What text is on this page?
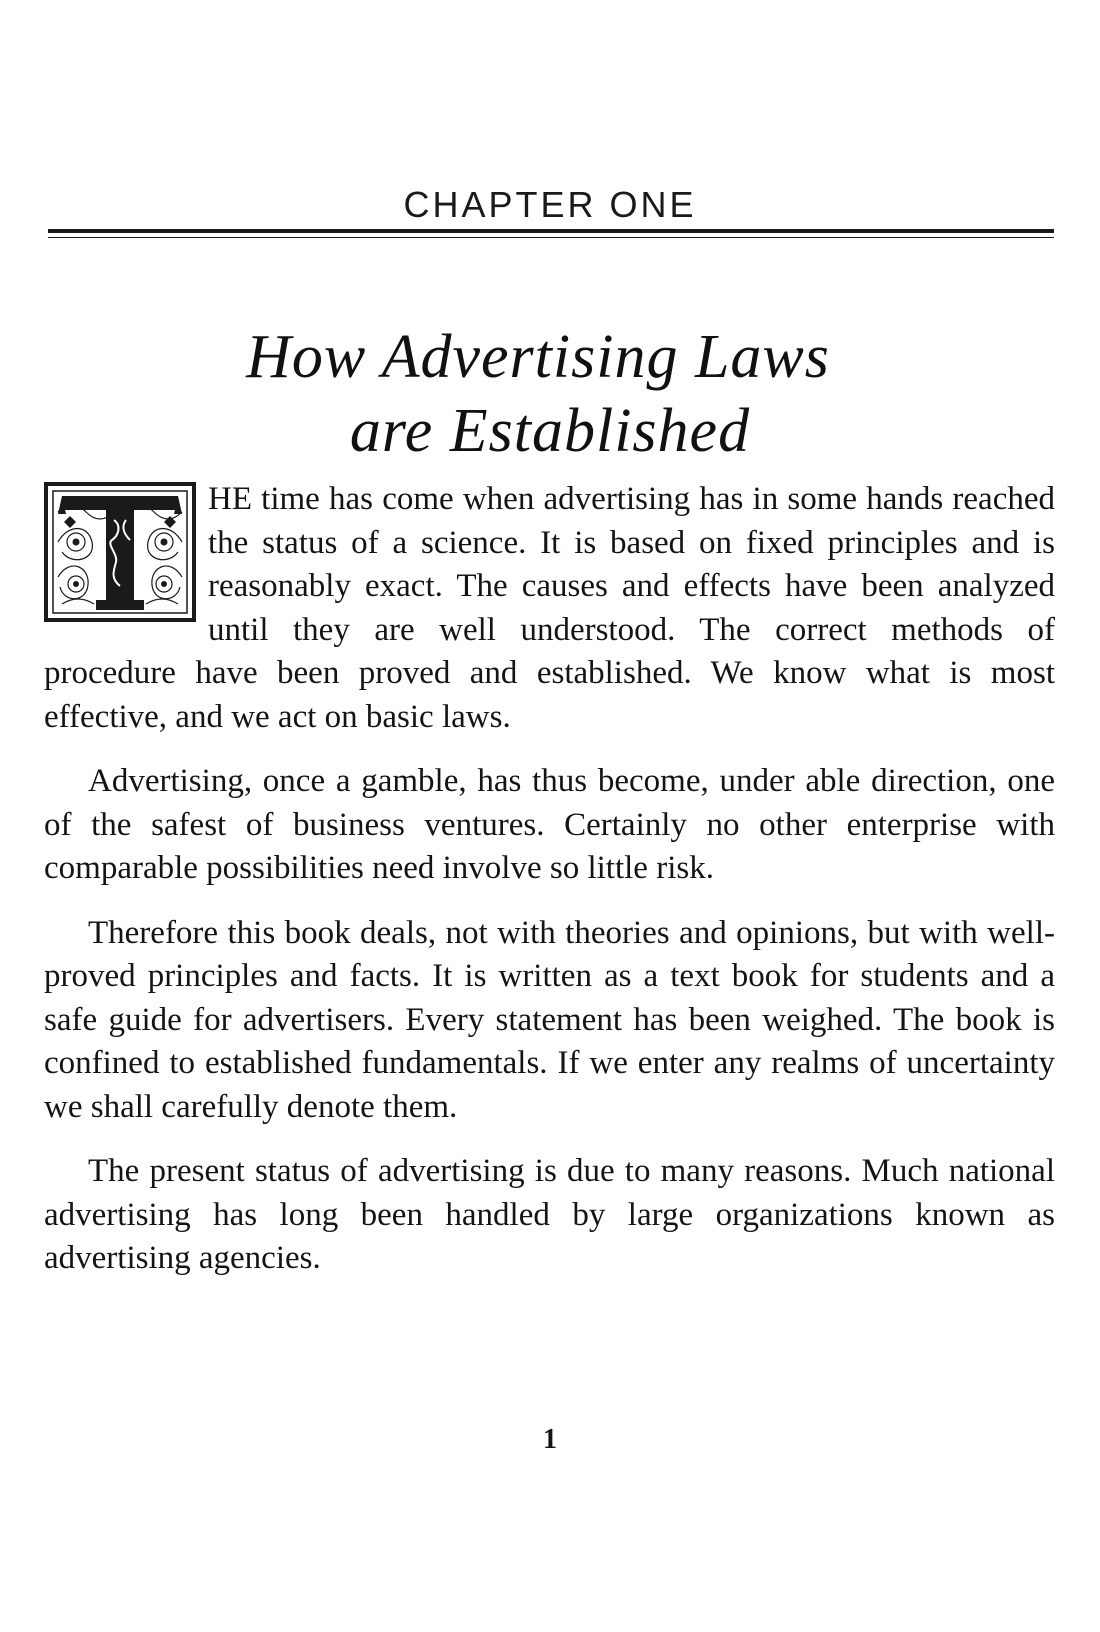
CHAPTER ONE
How Advertising Laws
are Established

HE time has come when advertising has in some hands reached the status of a science. It is based on fixed principles and is reasonably exact. The causes and effects have been analyzed until they are well understood. The correct methods of procedure have been proved and established. We know what is most effective, and we act on basic laws.

Advertising, once a gamble, has thus become, under able direction, one of the safest of business ventures. Certainly no other enterprise with comparable possibilities need involve so little risk.

Therefore this book deals, not with theories and opinions, but with well-proved principles and facts. It is written as a text book for students and a safe guide for advertisers. Every statement has been weighed. The book is confined to established fundamentals. If we enter any realms of uncertainty we shall carefully denote them.

The present status of advertising is due to many reasons. Much national advertising has long been handled by large organizations known as advertising agencies.

1
